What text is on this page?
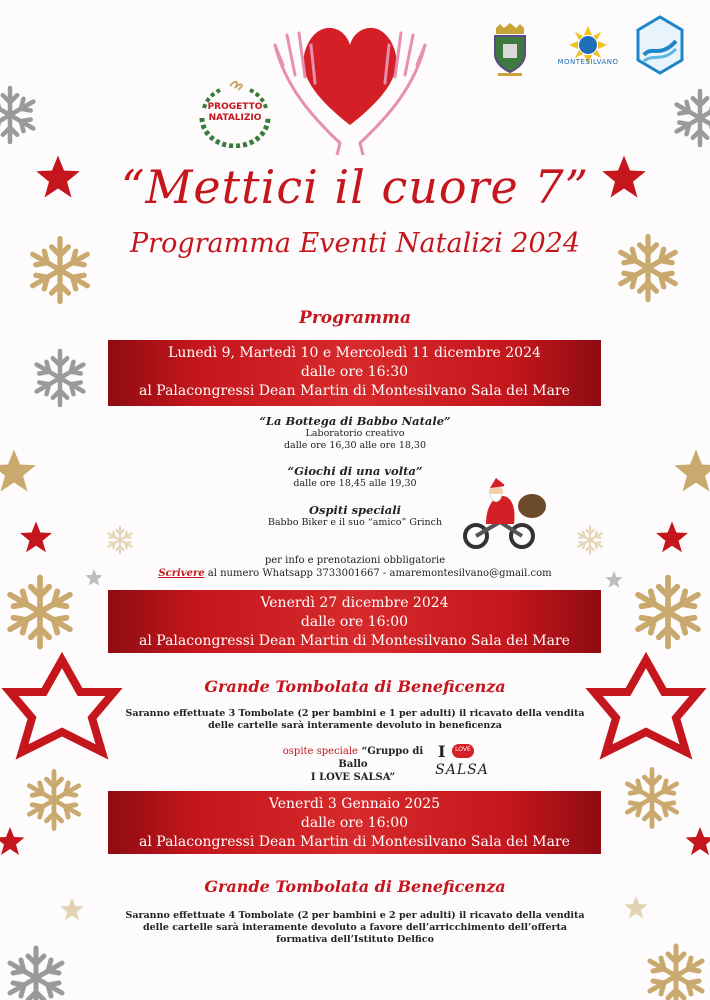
PROGETTO
NATALIZIO
MONTESILVANO
“Mettici il cuore 7”
Programma Eventi Natalizi 2024
Programma
Lunedì 9, Martedì 10 e Mercoledì 11 dicembre 2024
dalle ore 16:30
al Palacongressi Dean Martin di Montesilvano Sala del Mare
“La Bottega di Babbo Natale”
Laboratorio creativo
dalle ore 16,30 alle ore 18,30
“Giochi di una volta”
dalle ore 18,45 alle 19,30
Ospiti speciali
Babbo Biker e il suo “amico” Grinch
per info e prenotazioni obbligatorie
Scrivere al numero Whatsapp 3733001667 - amaremontesilvano@gmail.com
Venerdì 27 dicembre 2024
dalle ore 16:00
al Palacongressi Dean Martin di Montesilvano Sala del Mare
Grande Tombolata di Beneficenza
Saranno effettuate 3 Tombolate (2 per bambini e 1 per adulti) il ricavato della vendita
delle cartelle sarà interamente devoluto in beneficenza
ospite speciale “Gruppo di Ballo
I LOVE SALSA”
I	LOVE
SALSA
Venerdì 3 Gennaio 2025
dalle ore 16:00
al Palacongressi Dean Martin di Montesilvano Sala del Mare
Grande Tombolata di Beneficenza
Saranno effettuate 4 Tombolate (2 per bambini e 2 per adulti) il ricavato della vendita
delle cartelle sarà interamente devoluto a favore dell’arricchimento dell’offerta
formativa dell’Istituto Delfico
